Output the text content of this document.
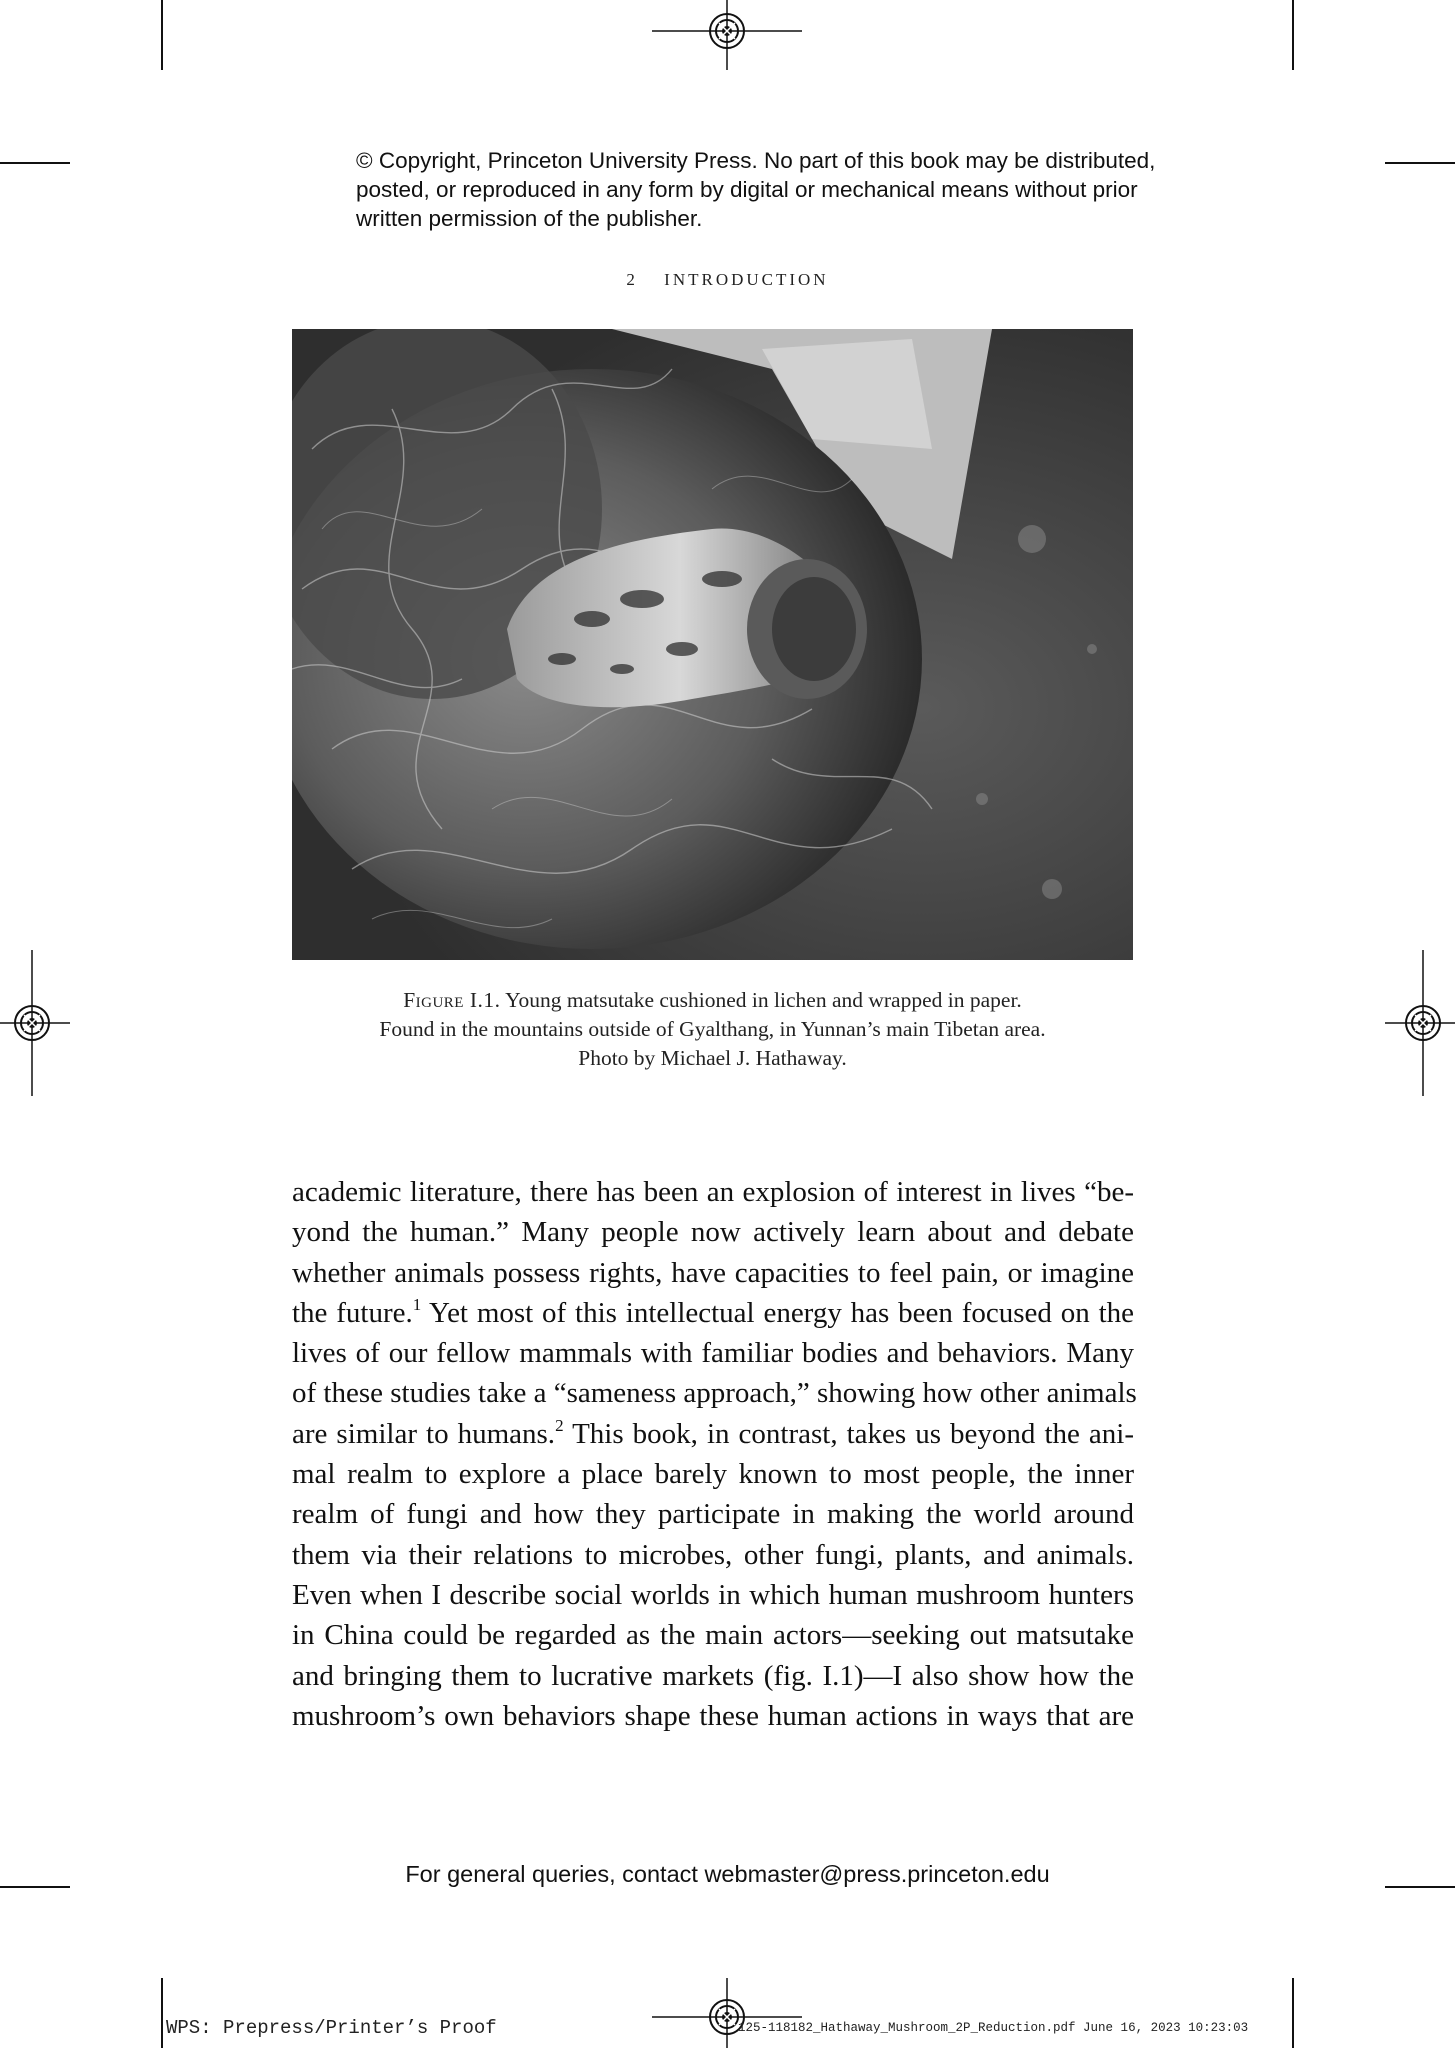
© Copyright, Princeton University Press. No part of this book may be distributed, posted, or reproduced in any form by digital or mechanical means without prior written permission of the publisher.
2 INTRODUCTION
Figure I.1. Young matsutake cushioned in lichen and wrapped in paper.
Found in the mountains outside of Gyalthang, in Yunnan’s main Tibetan area.
Photo by Michael J. Hathaway.
academic literature, there has been an explosion of interest in lives “be-
yond the human.” Many people now actively learn about and debate
whether animals possess rights, have capacities to feel pain, or imagine
the future.$^1$ Yet most of this intellectual energy has been focused on the
lives of our fellow mammals with familiar bodies and behaviors. Many
of these studies take a “sameness approach,” showing how other animals
are similar to humans.$^2$ This book, in contrast, takes us beyond the ani-
mal realm to explore a place barely known to most people, the inner
realm of fungi and how they participate in making the world around
them via their relations to microbes, other fungi, plants, and animals.
Even when I describe social worlds in which human mushroom hunters
in China could be regarded as the main actors—seeking out matsutake
and bringing them to lucrative markets (fig. I.1)—I also show how the
mushroom’s own behaviors shape these human actions in ways that are
For general queries, contact webmaster@press.princeton.edu
WPS: Prepress/Printer’s Proof	125-118182_Hathaway_Mushroom_2P_Reduction.pdf June 16, 2023 10:23:03
